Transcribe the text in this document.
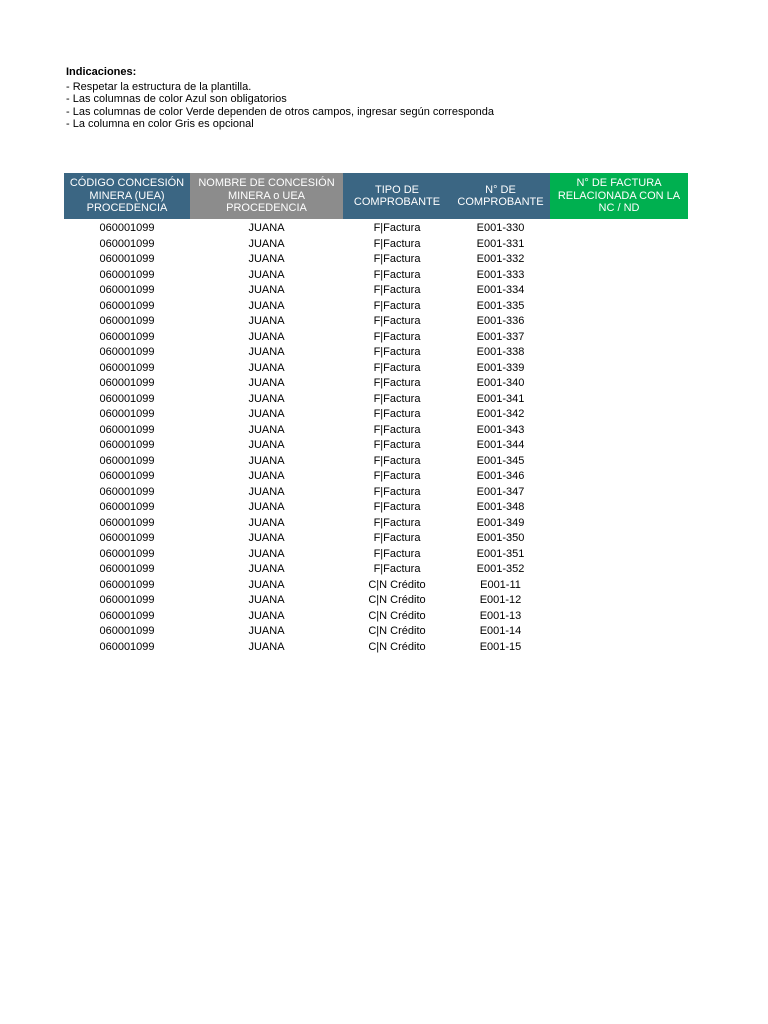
Indicaciones:
- Respetar la estructura de la plantilla.
- Las columnas de color Azul son obligatorios
- Las columnas de color Verde dependen de otros campos, ingresar según corresponda
- La columna en color Gris es opcional
CÓDIGO CONCESIÓN MINERA (UEA) PROCEDENCIA	NOMBRE DE CONCESIÓN MINERA o UEA PROCEDENCIA	TIPO DE COMPROBANTE	N° DE COMPROBANTE	N° DE FACTURA RELACIONADA CON LA NC / ND
060001099	JUANA	F|Factura	E001-330	
060001099	JUANA	F|Factura	E001-331	
060001099	JUANA	F|Factura	E001-332	
060001099	JUANA	F|Factura	E001-333	
060001099	JUANA	F|Factura	E001-334	
060001099	JUANA	F|Factura	E001-335	
060001099	JUANA	F|Factura	E001-336	
060001099	JUANA	F|Factura	E001-337	
060001099	JUANA	F|Factura	E001-338	
060001099	JUANA	F|Factura	E001-339	
060001099	JUANA	F|Factura	E001-340	
060001099	JUANA	F|Factura	E001-341	
060001099	JUANA	F|Factura	E001-342	
060001099	JUANA	F|Factura	E001-343	
060001099	JUANA	F|Factura	E001-344	
060001099	JUANA	F|Factura	E001-345	
060001099	JUANA	F|Factura	E001-346	
060001099	JUANA	F|Factura	E001-347	
060001099	JUANA	F|Factura	E001-348	
060001099	JUANA	F|Factura	E001-349	
060001099	JUANA	F|Factura	E001-350	
060001099	JUANA	F|Factura	E001-351	
060001099	JUANA	F|Factura	E001-352	
060001099	JUANA	C|N Crédito	E001-11	
060001099	JUANA	C|N Crédito	E001-12	
060001099	JUANA	C|N Crédito	E001-13	
060001099	JUANA	C|N Crédito	E001-14	
060001099	JUANA	C|N Crédito	E001-15	
